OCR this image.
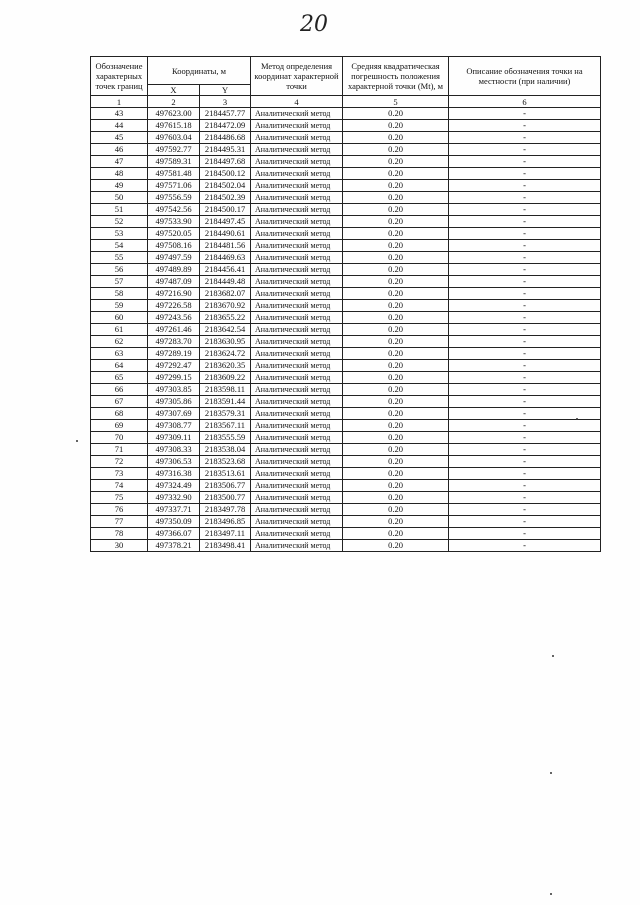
20
Обозначение характерных точек границ	Координаты, м		Метод определения координат характерной точки	Средняя квадратическая погрешность положения характерной точки (Mt), м	Описание обозначения точки на местности (при наличии)
	X	Y			
1	2	3	4	5	6
43	497623.00	2184457.77	Аналитический метод	0.20	-
44	497615.18	2184472.09	Аналитический метод	0.20	-
45	497603.04	2184486.68	Аналитический метод	0.20	-
46	497592.77	2184495.31	Аналитический метод	0.20	-
47	497589.31	2184497.68	Аналитический метод	0.20	-
48	497581.48	2184500.12	Аналитический метод	0.20	-
49	497571.06	2184502.04	Аналитический метод	0.20	-
50	497556.59	2184502.39	Аналитический метод	0.20	-
51	497542.56	2184500.17	Аналитический метод	0.20	-
52	497533.90	2184497.45	Аналитический метод	0.20	-
53	497520.05	2184490.61	Аналитический метод	0.20	-
54	497508.16	2184481.56	Аналитический метод	0.20	-
55	497497.59	2184469.63	Аналитический метод	0.20	-
56	497489.89	2184456.41	Аналитический метод	0.20	-
57	497487.09	2184449.48	Аналитический метод	0.20	-
58	497216.90	2183682.07	Аналитический метод	0.20	-
59	497226.58	2183670.92	Аналитический метод	0.20	-
60	497243.56	2183655.22	Аналитический метод	0.20	-
61	497261.46	2183642.54	Аналитический метод	0.20	-
62	497283.70	2183630.95	Аналитический метод	0.20	-
63	497289.19	2183624.72	Аналитический метод	0.20	-
64	497292.47	2183620.35	Аналитический метод	0.20	-
65	497299.15	2183609.22	Аналитический метод	0.20	-
66	497303.85	2183598.11	Аналитический метод	0.20	-
67	497305.86	2183591.44	Аналитический метод	0.20	-
68	497307.69	2183579.31	Аналитический метод	0.20	-
69	497308.77	2183567.11	Аналитический метод	0.20	-
70	497309.11	2183555.59	Аналитический метод	0.20	-
71	497308.33	2183538.04	Аналитический метод	0.20	-
72	497306.53	2183523.68	Аналитический метод	0.20	-
73	497316.38	2183513.61	Аналитический метод	0.20	-
74	497324.49	2183506.77	Аналитический метод	0.20	-
75	497332.90	2183500.77	Аналитический метод	0.20	-
76	497337.71	2183497.78	Аналитический метод	0.20	-
77	497350.09	2183496.85	Аналитический метод	0.20	-
78	497366.07	2183497.11	Аналитический метод	0.20	-
30	497378.21	2183498.41	Аналитический метод	0.20	-
